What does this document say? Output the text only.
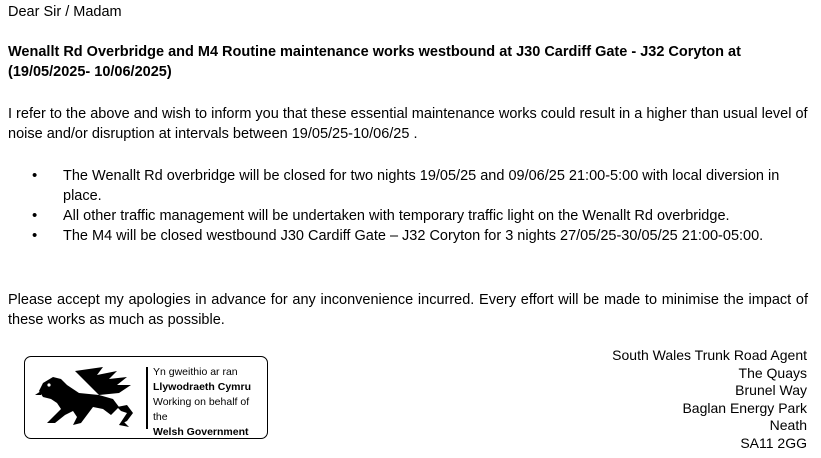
Dear Sir / Madam
Wenallt Rd Overbridge and M4 Routine maintenance works westbound at J30 Cardiff Gate - J32 Coryton at (19/05/2025- 10/06/2025)
I refer to the above and wish to inform you that these essential maintenance works could result in a higher than usual level of noise and/or disruption at intervals between 19/05/25-10/06/25 .
• The Wenallt Rd overbridge will be closed for two nights 19/05/25 and 09/06/25 21:00-5:00 with local diversion in place.
• All other traffic management will be undertaken with temporary traffic light on the Wenallt Rd overbridge.
• The M4 will be closed westbound J30 Cardiff Gate – J32 Coryton for 3 nights 27/05/25-30/05/25 21:00-05:00.
Please accept my apologies in advance for any inconvenience incurred. Every effort will be made to minimise the impact of these works as much as possible.
Yn gweithio ar ran
Llywodraeth Cymru
Working on behalf of the
Welsh Government
South Wales Trunk Road Agent
The Quays
Brunel Way
Baglan Energy Park
Neath
SA11 2GG
